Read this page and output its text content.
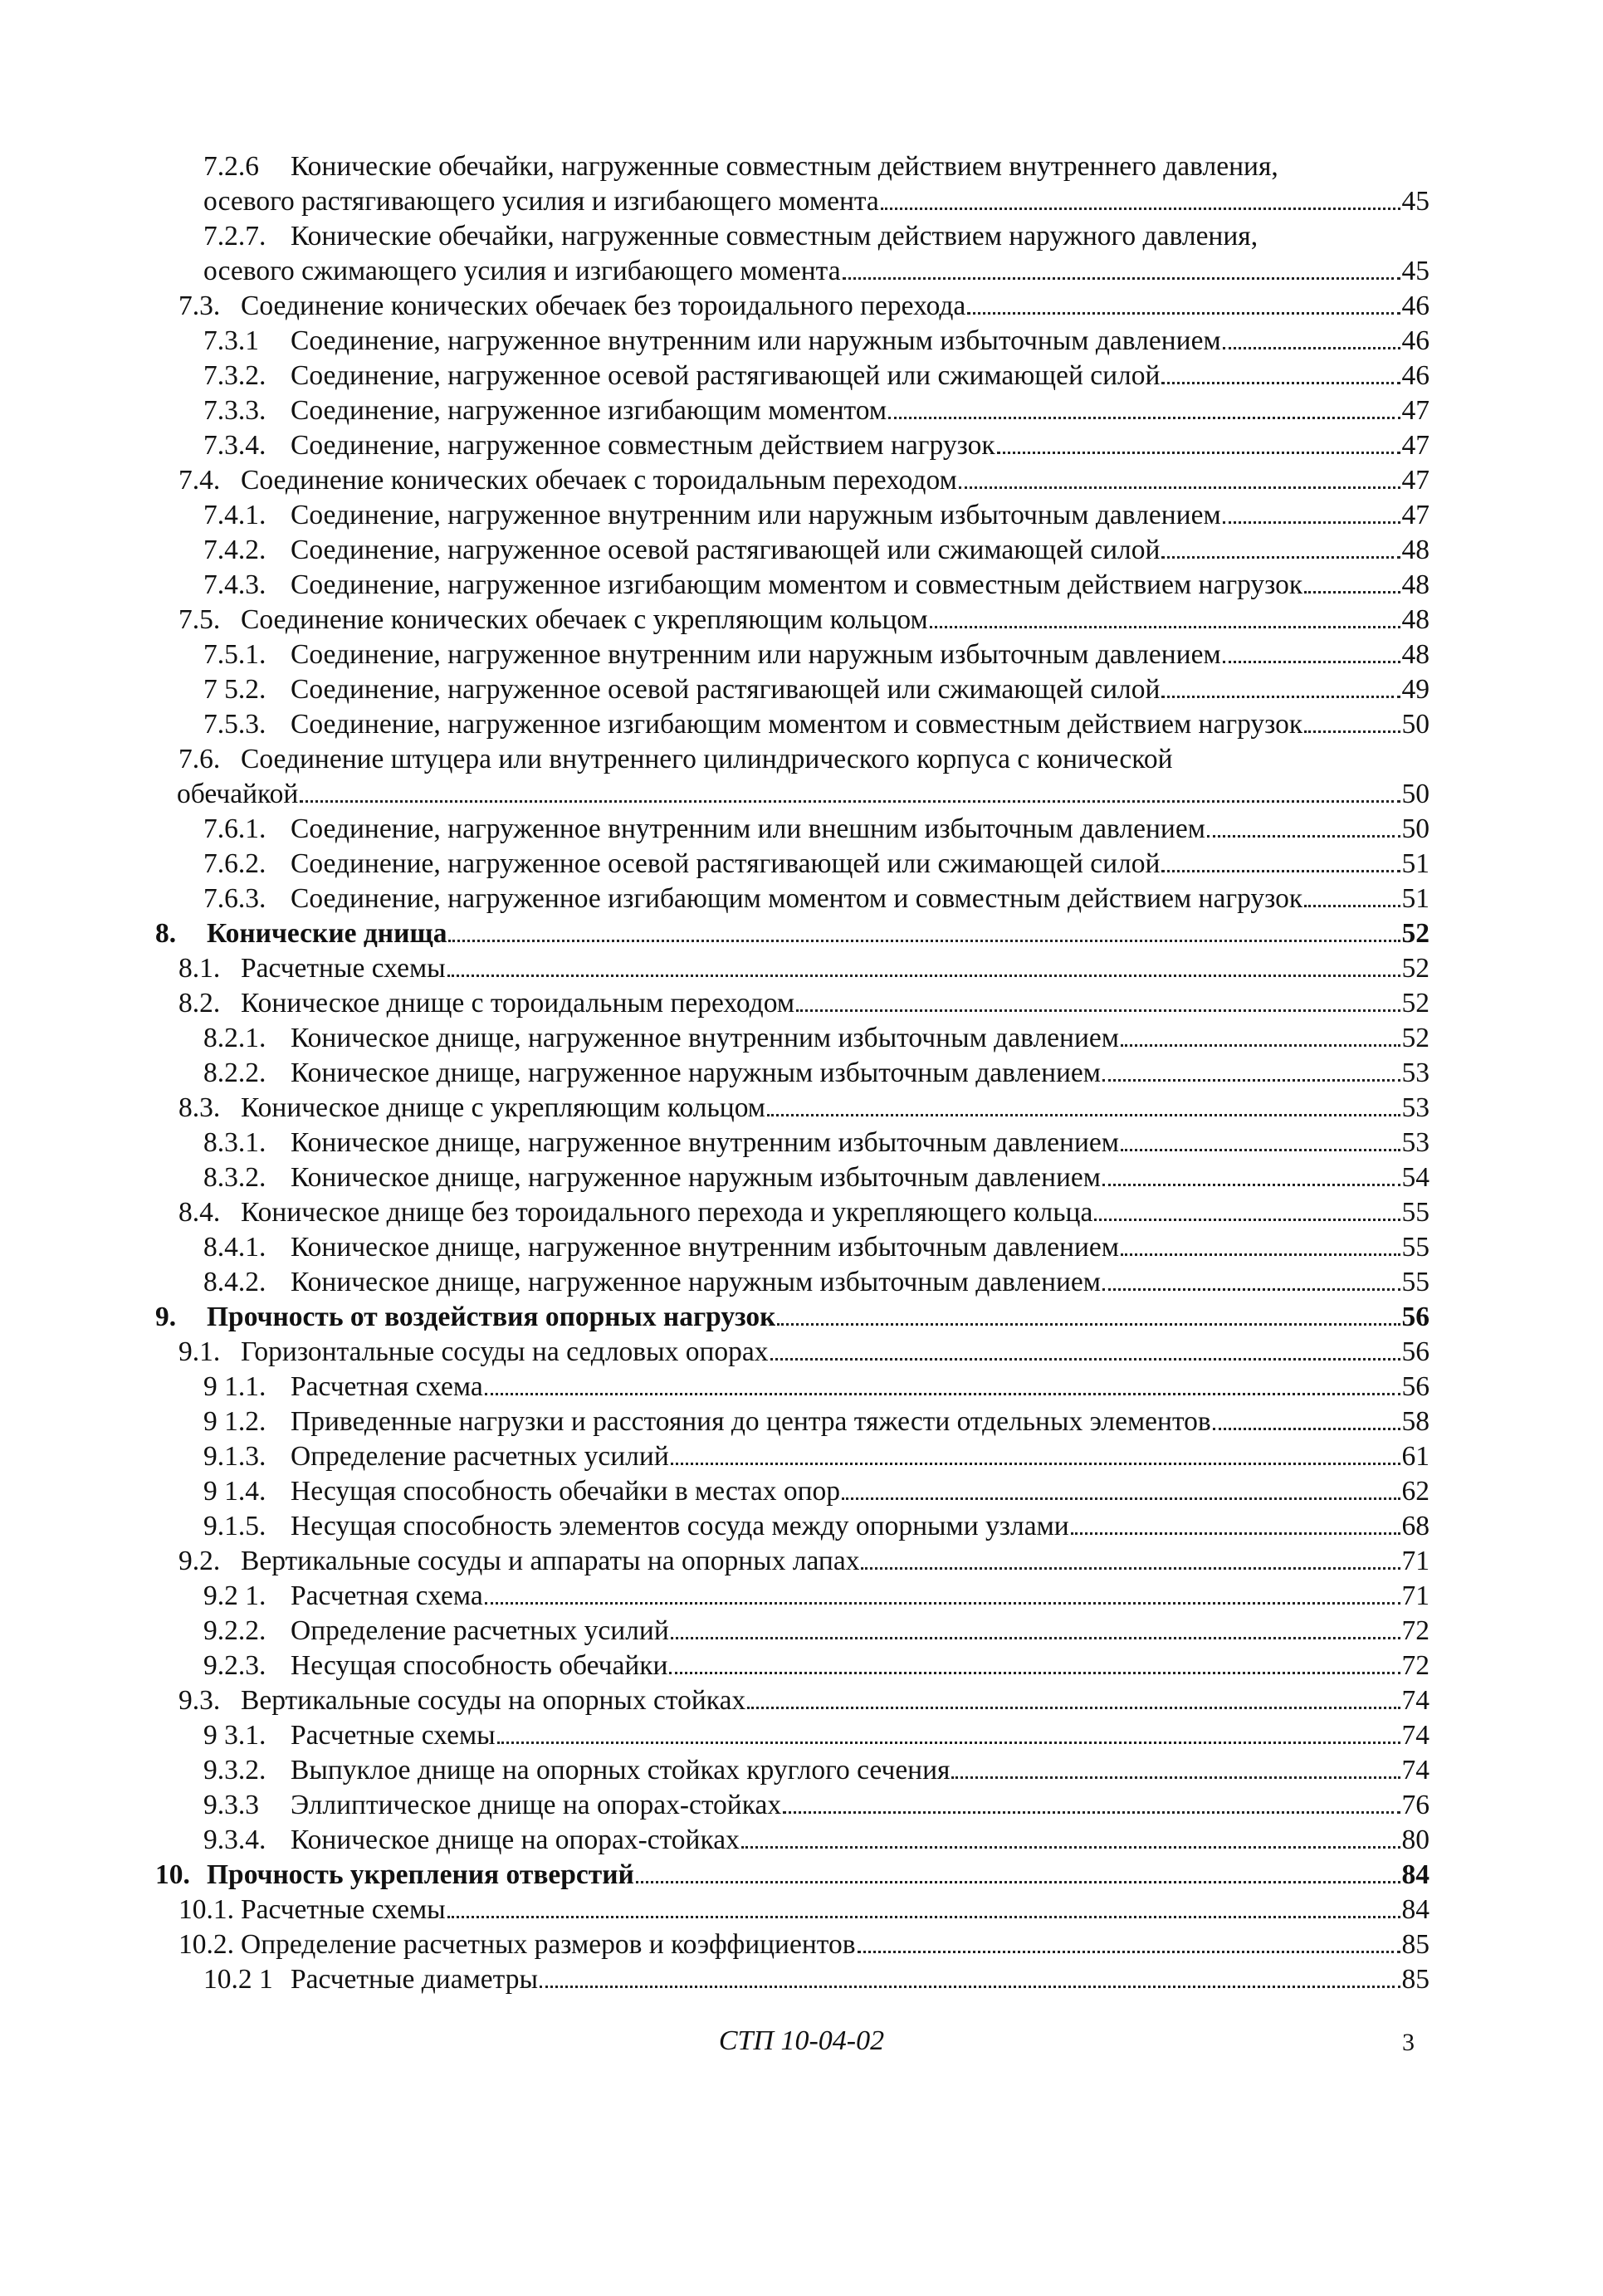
7.2.6	Конические обечайки, нагруженные совместным действием внутреннего давления,
осевого растягивающего усилия и изгибающего момента	45
7.2.7. Конические обечайки, нагруженные совместным действием наружного давления,
осевого сжимающего усилия и изгибающего момента	45
7.3. Соединение конических обечаек без тороидального перехода	46
7.3.1	Соединение, нагруженное внутренним или наружным избыточным давлением	46
7.3.2. Соединение, нагруженное осевой растягивающей или сжимающей силой	46
7.3.3. Соединение, нагруженное изгибающим моментом	47
7.3.4. Соединение, нагруженное совместным действием нагрузок	47
7.4. Соединение конических обечаек с тороидальным переходом	47
7.4.1. Соединение, нагруженное внутренним или наружным избыточным давлением	47
7.4.2. Соединение, нагруженное осевой растягивающей или сжимающей силой	48
7.4.3. Соединение, нагруженное изгибающим моментом и совместным действием нагрузок	48
7.5. Соединение конических обечаек с укрепляющим кольцом	48
7.5.1. Соединение, нагруженное внутренним или наружным избыточным давлением	48
7 5.2. Соединение, нагруженное осевой растягивающей или сжимающей силой	49
7.5.3. Соединение, нагруженное изгибающим моментом и совместным действием нагрузок	50
7.6. Соединение штуцера или внутреннего цилиндрического корпуса с конической
обечайкой	50
7.6.1. Соединение, нагруженное внутренним или внешним избыточным давлением	50
7.6.2. Соединение, нагруженное осевой растягивающей или сжимающей силой	51
7.6.3. Соединение, нагруженное изгибающим моментом и совместным действием нагрузок	51
8.	Конические днища	52
8.1. Расчетные схемы	52
8.2. Коническое днище с тороидальным переходом	52
8.2.1. Коническое днище, нагруженное внутренним избыточным давлением	52
8.2.2. Коническое днище, нагруженное наружным избыточным давлением	53
8.3. Коническое днище с укрепляющим кольцом	53
8.3.1. Коническое днище, нагруженное внутренним избыточным давлением	53
8.3.2. Коническое днище, нагруженное наружным избыточным давлением	54
8.4. Коническое днище без тороидального перехода и укрепляющего кольца	55
8.4.1. Коническое днище, нагруженное внутренним избыточным давлением	55
8.4.2. Коническое днище, нагруженное наружным избыточным давлением	55
9.	Прочность от воздействия опорных нагрузок	56
9.1. Горизонтальные сосуды на седловых опорах	56
9 1.1. Расчетная схема	56
9 1.2. Приведенные нагрузки и расстояния до центра тяжести отдельных элементов	58
9.1.3. Определение расчетных усилий	61
9 1.4. Несущая способность обечайки в местах опор	62
9.1.5. Несущая способность элементов сосуда между опорными узлами	68
9.2. Вертикальные сосуды и аппараты на опорных лапах	71
9.2 1. Расчетная схема	71
9.2.2. Определение расчетных усилий	72
9.2.3. Несущая способность обечайки	72
9.3. Вертикальные сосуды на опорных стойках	74
9 3.1. Расчетные схемы	74
9.3.2. Выпуклое днище на опорных стойках круглого сечения	74
9.3.3	Эллиптическое днище на опорах-стойках	76
9.3.4. Коническое днище на опорах-стойках	80
10. Прочность укрепления отверстий	84
10.1. Расчетные схемы	84
10.2. Определение расчетных размеров и коэффициентов	85
10.2 1 Расчетные диаметры	85
СТП 10-04-02	3
